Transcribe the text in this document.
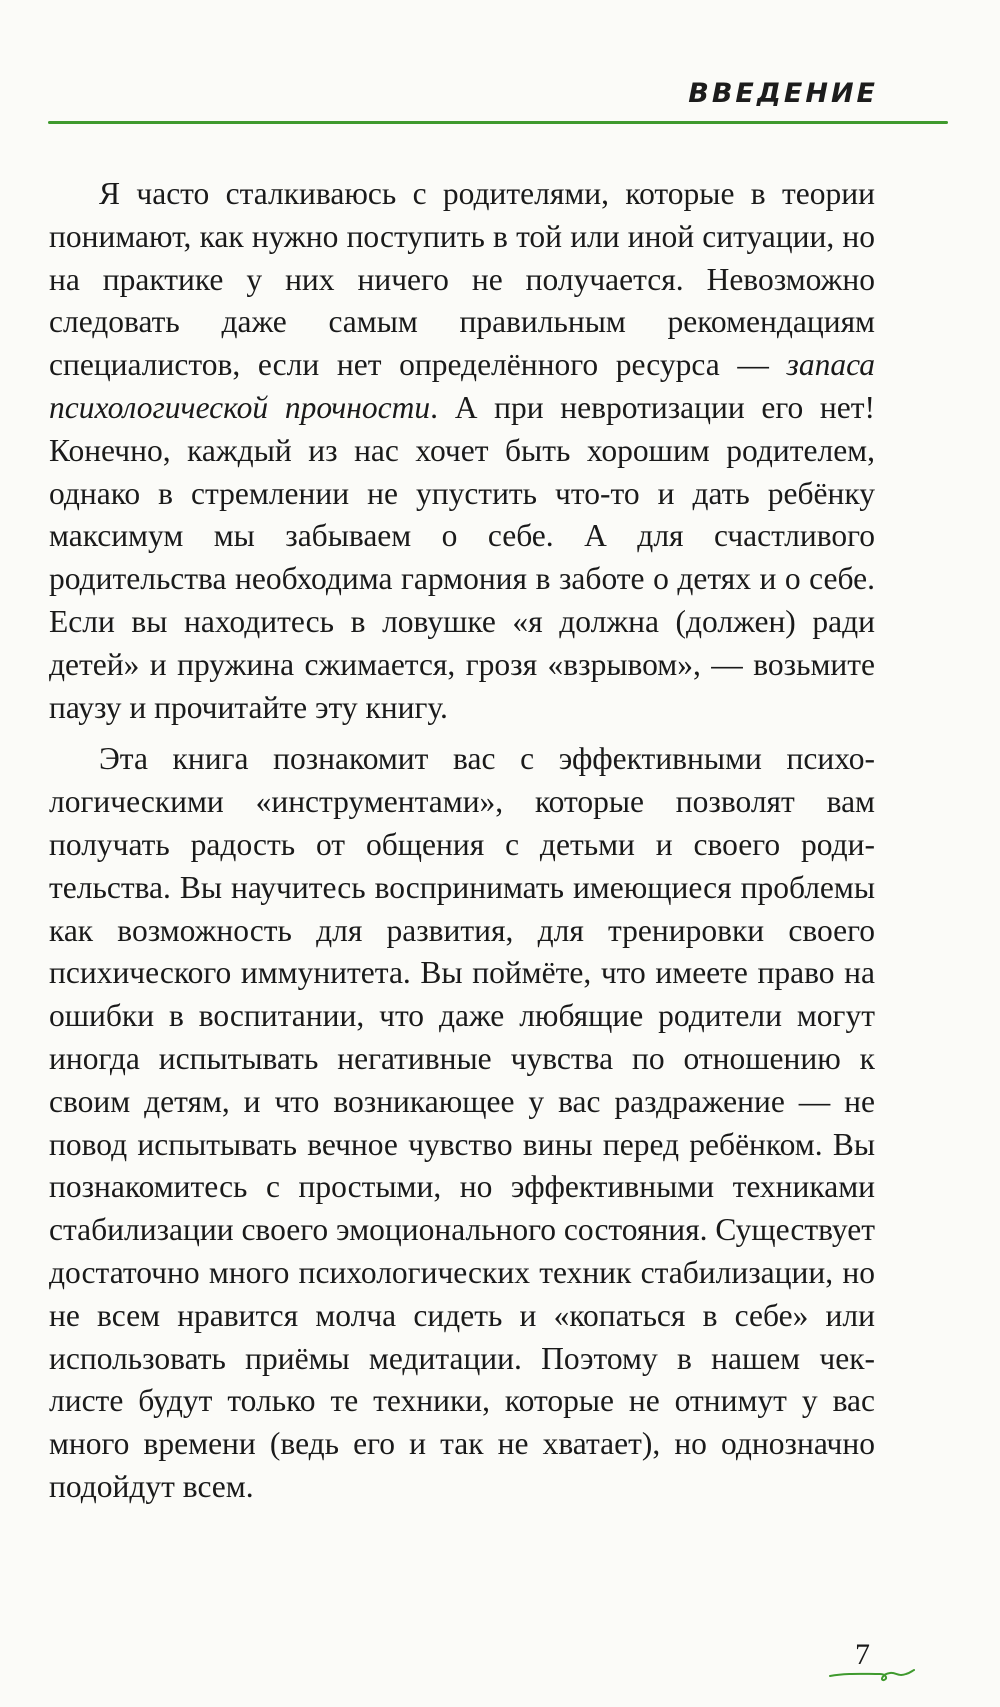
ВВЕДЕНИЕ

Я часто сталкиваюсь с родителями, которые в теории понимают, как нужно поступить в той или иной ситуации, но на практике у них ничего не получается. Невозможно следовать даже самым правильным рекомендациям специалистов, если нет определённого ресурса — запаса психологической прочности. А при невротизации его нет! Конечно, каждый из нас хочет быть хорошим родителем, однако в стремлении не упустить что-то и дать ребёнку максимум мы забываем о себе. А для счастливого родительства необходима гармония в заботе о детях и о себе. Если вы находитесь в ловушке «я должна (должен) ради детей» и пружина сжимается, грозя «взрывом», — возьмите паузу и прочитайте эту книгу.

Эта книга познакомит вас с эффективными психологическими «инструментами», которые позволят вам получать радость от общения с детьми и своего родительства. Вы научитесь воспринимать имеющиеся проблемы как возможность для развития, для тренировки своего психического иммунитета. Вы поймёте, что имеете право на ошибки в воспитании, что даже любящие родители могут иногда испытывать негативные чувства по отношению к своим детям, и что возникающее у вас раздражение — не повод испытывать вечное чувство вины перед ребёнком. Вы познакомитесь с простыми, но эффективными техниками стабилизации своего эмоционального состояния. Существует достаточно много психологических техник стабилизации, но не всем нравится молча сидеть и «копаться в себе» или использовать приёмы медитации. Поэтому в нашем чек-листе будут только те техники, которые не отнимут у вас много времени (ведь его и так не хватает), но однозначно подойдут всем.

7
